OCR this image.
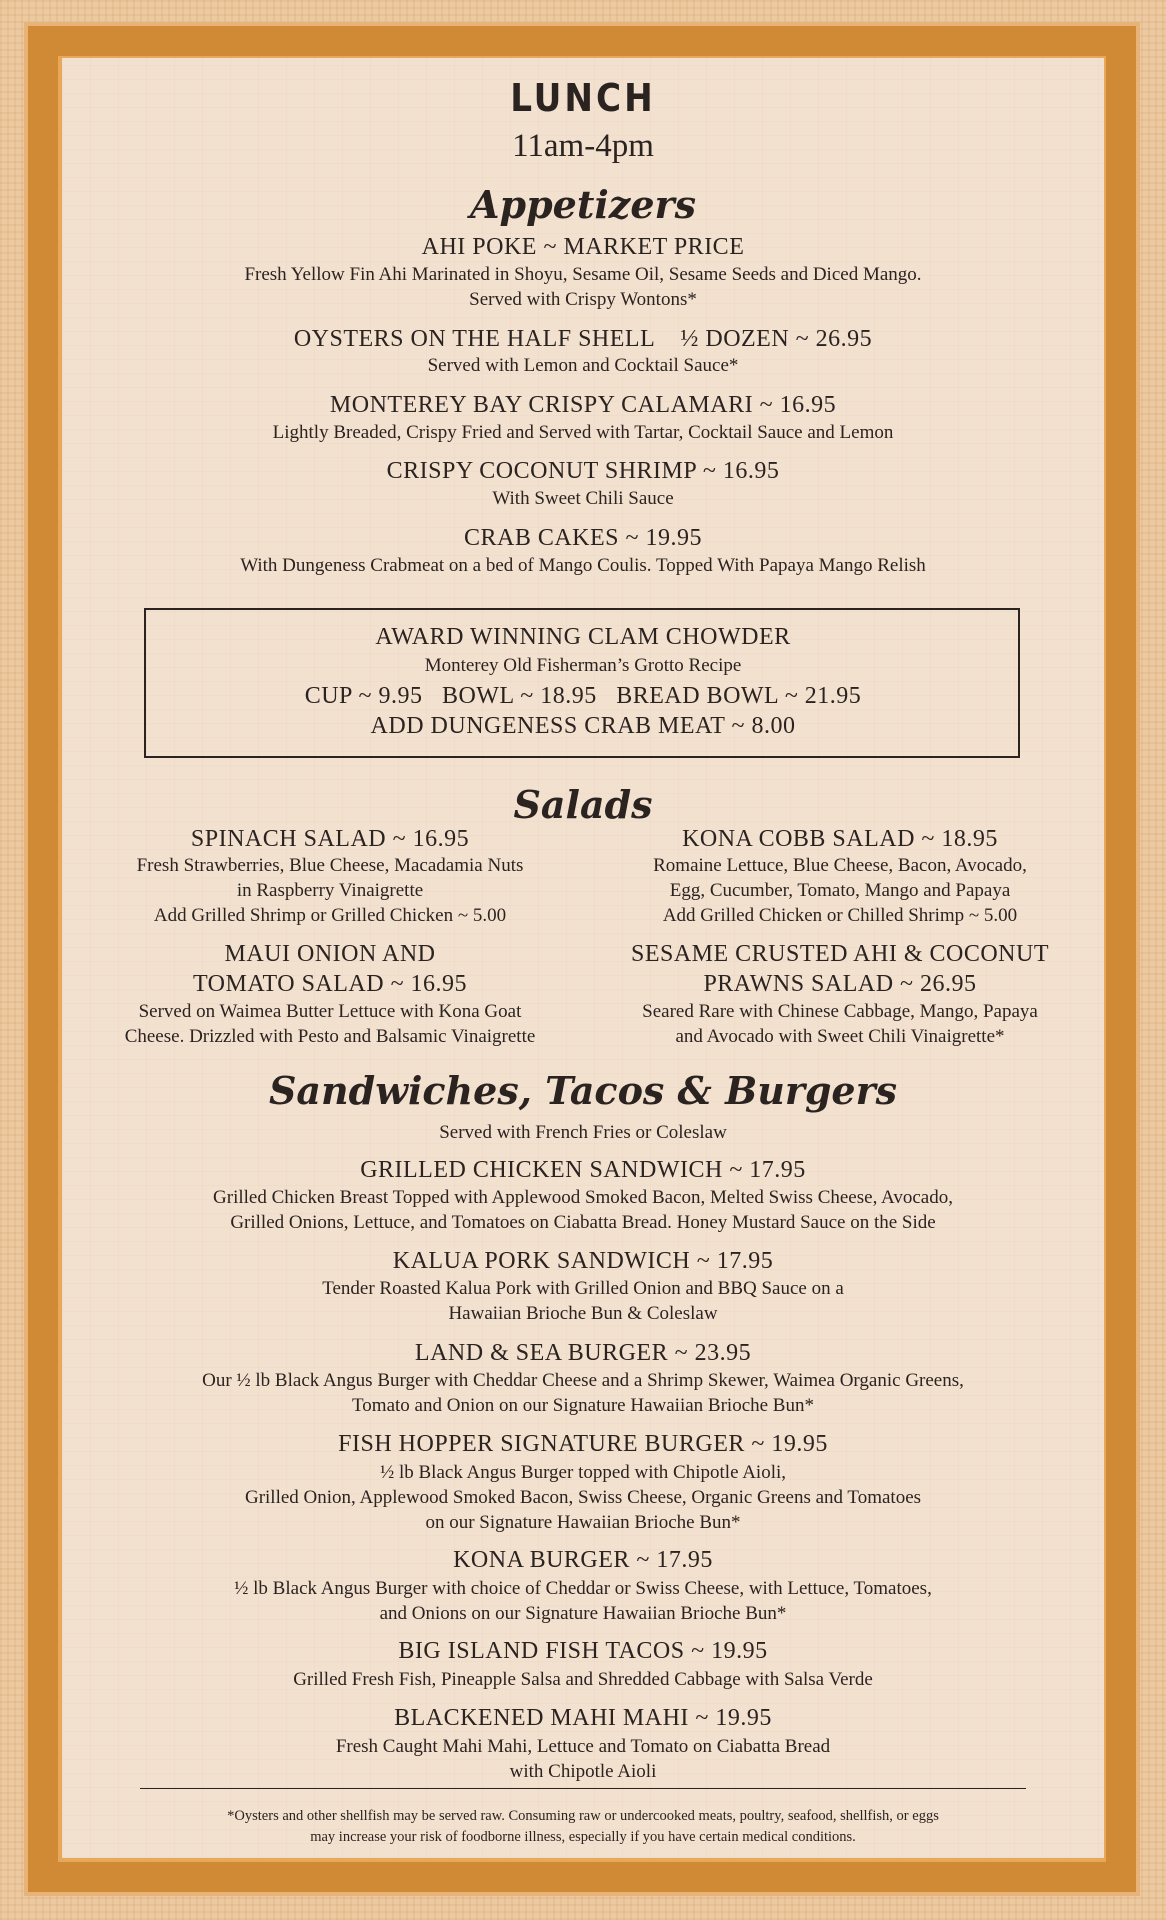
LUNCH
11am-4pm
Appetizers
AHI POKE ~ MARKET PRICE
Fresh Yellow Fin Ahi Marinated in Shoyu, Sesame Oil, Sesame Seeds and Diced Mango.
Served with Crispy Wontons*
OYSTERS ON THE HALF SHELL    ½ DOZEN ~ 26.95
Served with Lemon and Cocktail Sauce*
MONTEREY BAY CRISPY CALAMARI ~ 16.95
Lightly Breaded, Crispy Fried and Served with Tartar, Cocktail Sauce and Lemon
CRISPY COCONUT SHRIMP ~ 16.95
With Sweet Chili Sauce
CRAB CAKES ~ 19.95
With Dungeness Crabmeat on a bed of Mango Coulis. Topped With Papaya Mango Relish
AWARD WINNING CLAM CHOWDER
Monterey Old Fisherman’s Grotto Recipe
CUP ~ 9.95   BOWL ~ 18.95   BREAD BOWL ~ 21.95
ADD DUNGENESS CRAB MEAT ~ 8.00
Salads
SPINACH SALAD ~ 16.95
Fresh Strawberries, Blue Cheese, Macadamia Nuts
in Raspberry Vinaigrette
Add Grilled Shrimp or Grilled Chicken ~ 5.00
KONA COBB SALAD ~ 18.95
Romaine Lettuce, Blue Cheese, Bacon, Avocado,
Egg, Cucumber, Tomato, Mango and Papaya
Add Grilled Chicken or Chilled Shrimp ~ 5.00
MAUI ONION AND
TOMATO SALAD ~ 16.95
Served on Waimea Butter Lettuce with Kona Goat
Cheese. Drizzled with Pesto and Balsamic Vinaigrette
SESAME CRUSTED AHI & COCONUT
PRAWNS SALAD ~ 26.95
Seared Rare with Chinese Cabbage, Mango, Papaya
and Avocado with Sweet Chili Vinaigrette*
Sandwiches, Tacos & Burgers
Served with French Fries or Coleslaw
GRILLED CHICKEN SANDWICH ~ 17.95
Grilled Chicken Breast Topped with Applewood Smoked Bacon, Melted Swiss Cheese, Avocado,
Grilled Onions, Lettuce, and Tomatoes on Ciabatta Bread. Honey Mustard Sauce on the Side
KALUA PORK SANDWICH ~ 17.95
Tender Roasted Kalua Pork with Grilled Onion and BBQ Sauce on a
Hawaiian Brioche Bun & Coleslaw
LAND & SEA BURGER ~ 23.95
Our ½ lb Black Angus Burger with Cheddar Cheese and a Shrimp Skewer, Waimea Organic Greens,
Tomato and Onion on our Signature Hawaiian Brioche Bun*
FISH HOPPER SIGNATURE BURGER ~ 19.95
½ lb Black Angus Burger topped with Chipotle Aioli,
Grilled Onion, Applewood Smoked Bacon, Swiss Cheese, Organic Greens and Tomatoes
on our Signature Hawaiian Brioche Bun*
KONA BURGER ~ 17.95
½ lb Black Angus Burger with choice of Cheddar or Swiss Cheese, with Lettuce, Tomatoes,
and Onions on our Signature Hawaiian Brioche Bun*
BIG ISLAND FISH TACOS ~ 19.95
Grilled Fresh Fish, Pineapple Salsa and Shredded Cabbage with Salsa Verde
BLACKENED MAHI MAHI ~ 19.95
Fresh Caught Mahi Mahi, Lettuce and Tomato on Ciabatta Bread
with Chipotle Aioli
*Oysters and other shellfish may be served raw. Consuming raw or undercooked meats, poultry, seafood, shellfish, or eggs
may increase your risk of foodborne illness, especially if you have certain medical conditions.
